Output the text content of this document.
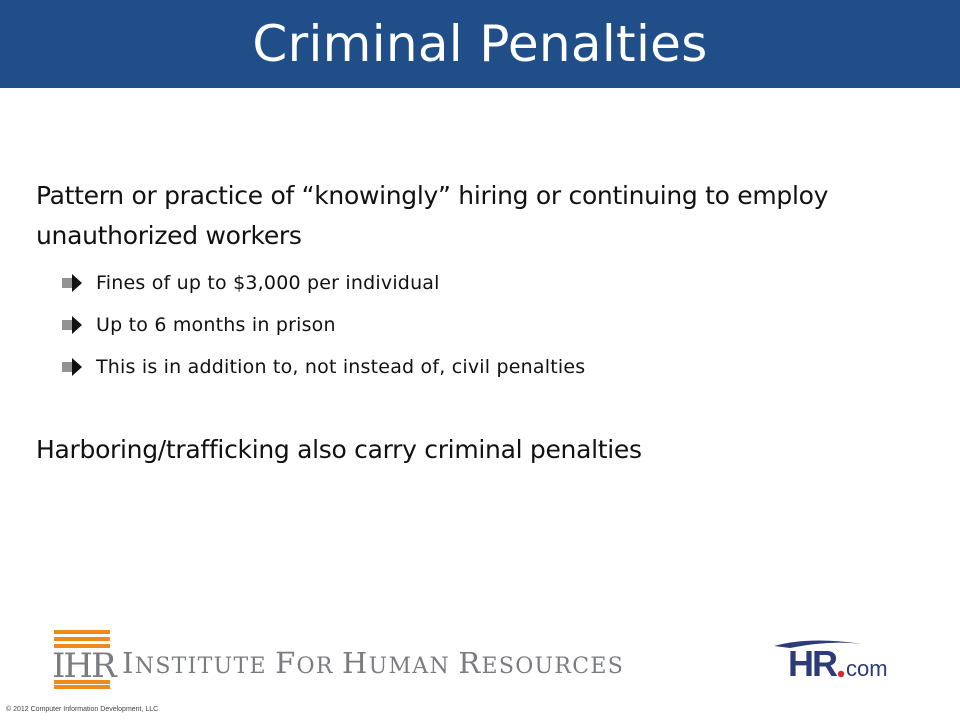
Criminal Penalties
Pattern or practice of “knowingly” hiring or continuing to employ unauthorized workers
Fines of up to $3,000 per individual
Up to 6 months in prison
This is in addition to, not instead of, civil penalties
Harboring/trafficking also carry criminal penalties
IHR INSTITUTE FOR HUMAN RESOURCES	HR com
© 2012 Computer Information Development, LLC
